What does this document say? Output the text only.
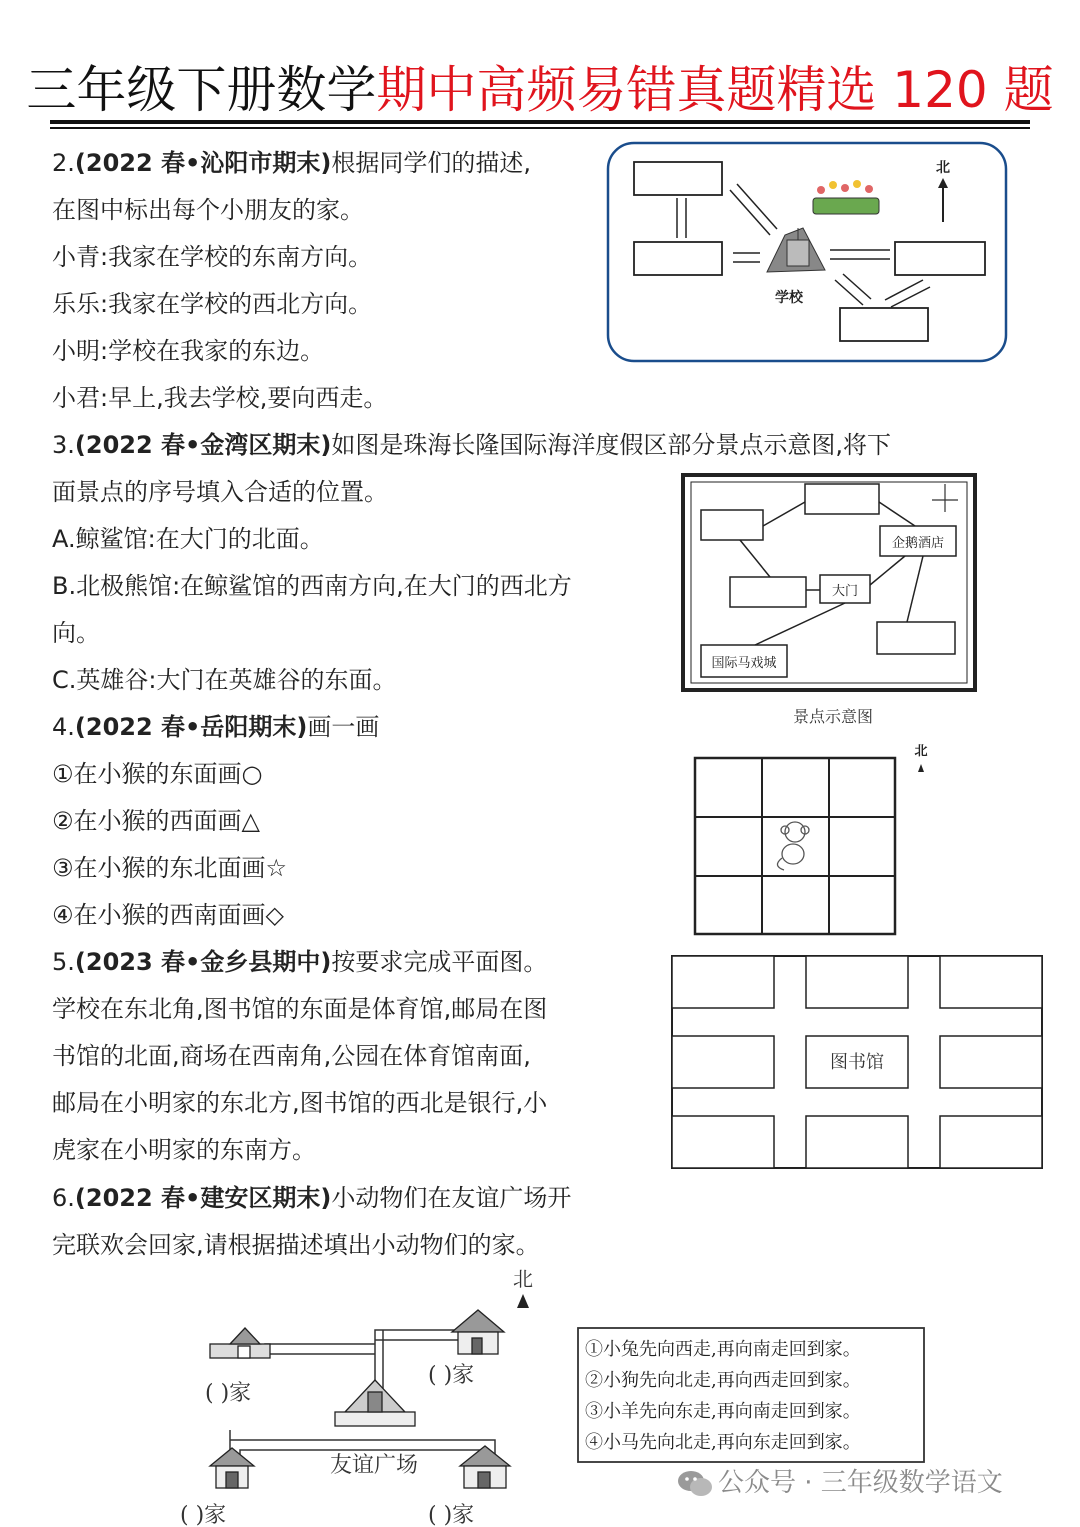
三年级下册数学期中高频易错真题精选 120 题
2.(2022 春•沁阳市期末)根据同学们的描述,
在图中标出每个小朋友的家。
小青:我家在学校的东南方向。
乐乐:我家在学校的西北方向。
小明:学校在我家的东边。
小君:早上,我去学校,要向西走。
学校
北
3.(2022 春•金湾区期末)如图是珠海长隆国际海洋度假区部分景点示意图,将下
面景点的序号填入合适的位置。
A.鲸鲨馆:在大门的北面。
B.北极熊馆:在鲸鲨馆的西南方向,在大门的西北方
向。
C.英雄谷:大门在英雄谷的东面。
企鹅酒店
大门
国际马戏城
景点示意图
4.(2022 春•岳阳期末)画一画
①在小猴的东面画○
②在小猴的西面画△
③在小猴的东北面画☆
④在小猴的西南面画◇
北
5.(2023 春•金乡县期中)按要求完成平面图。
学校在东北角,图书馆的东面是体育馆,邮局在图
书馆的北面,商场在西南角,公园在体育馆南面,
邮局在小明家的东北方,图书馆的西北是银行,小
虎家在小明家的东南方。
图书馆
6.(2022 春•建安区期末)小动物们在友谊广场开
完联欢会回家,请根据描述填出小动物们的家。
北
( )家
( )家
友谊广场
( )家	( )家
①小兔先向西走,再向南走回到家。
②小狗先向北走,再向西走回到家。
③小羊先向东走,再向南走回到家。
④小马先向北走,再向东走回到家。
公众号 · 三年级数学语文
